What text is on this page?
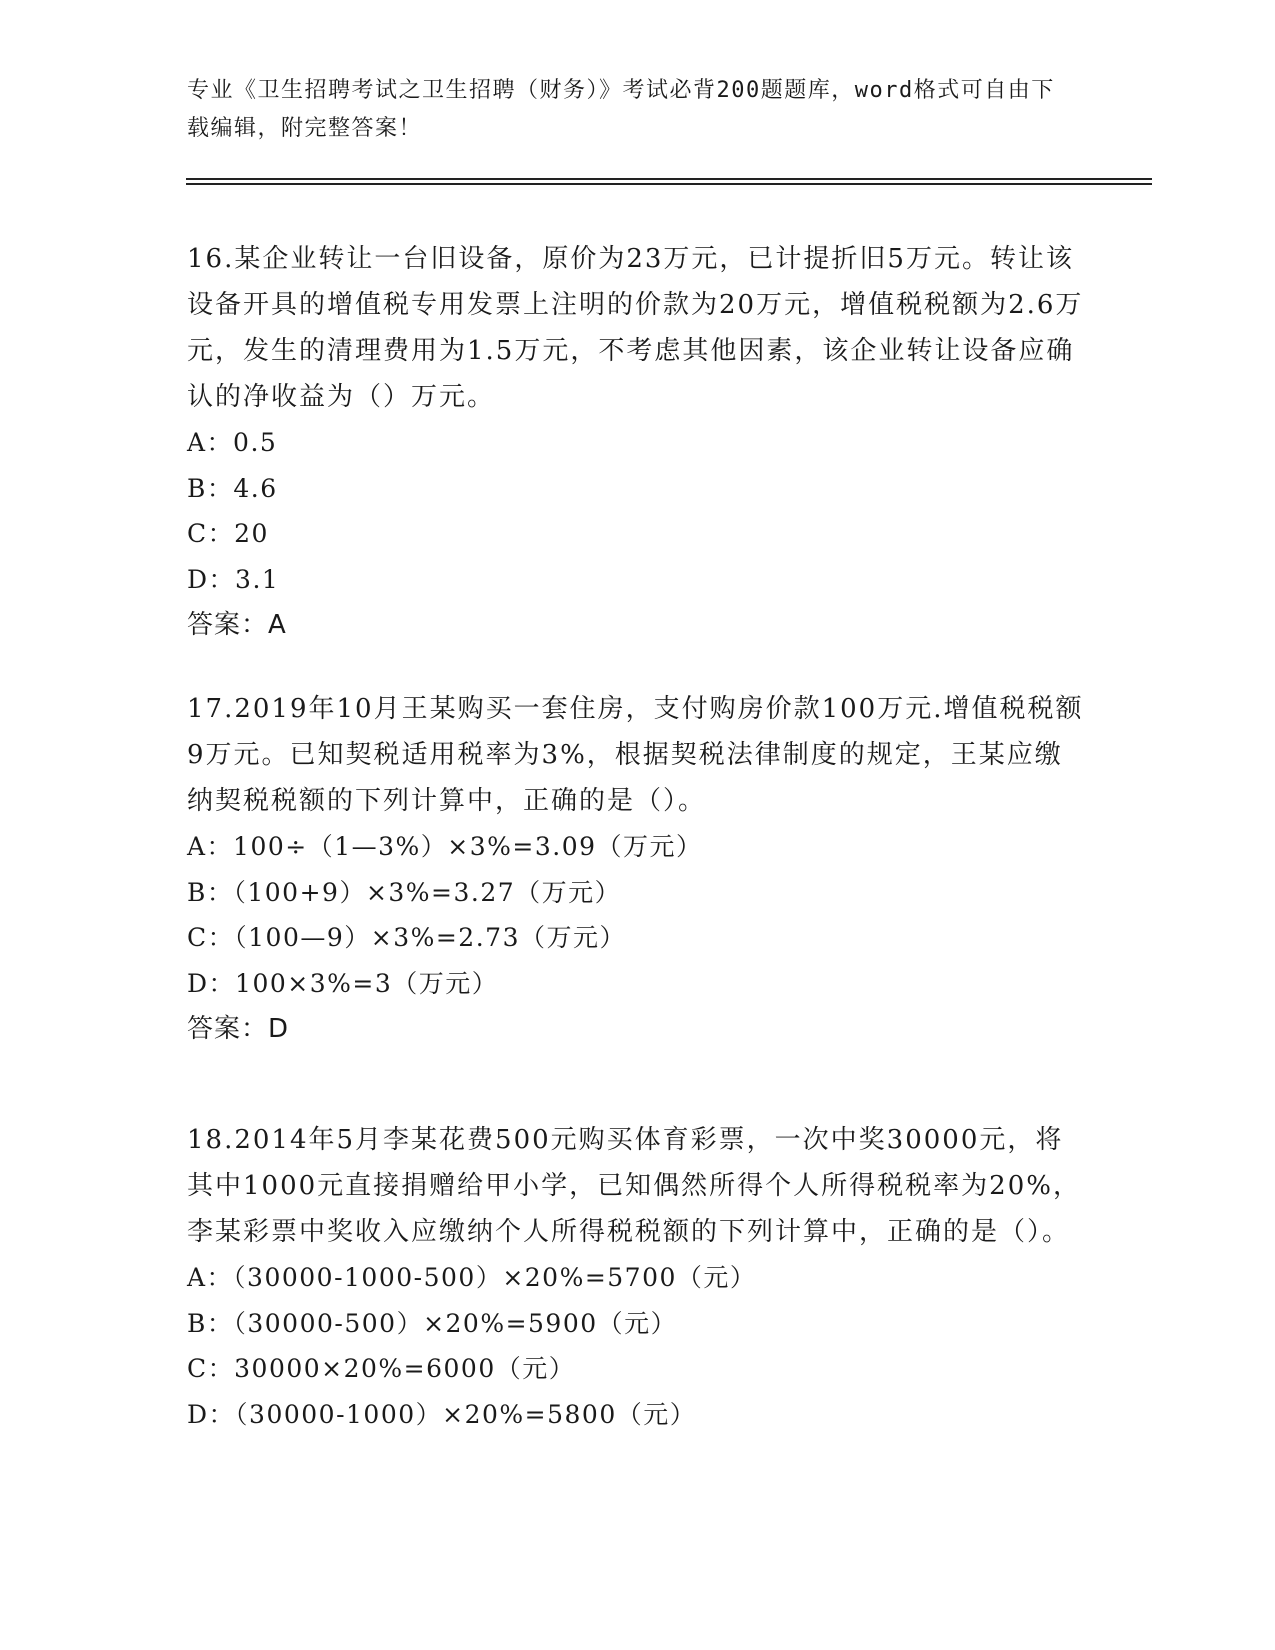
专业《卫生招聘考试之卫生招聘（财务）》考试必背200题题库，word格式可自由下载编辑，附完整答案！

16.某企业转让一台旧设备，原价为23万元，已计提折旧5万元。转让该设备开具的增值税专用发票上注明的价款为20万元，增值税税额为2.6万元，发生的清理费用为1.5万元，不考虑其他因素，该企业转让设备应确认的净收益为（）万元。

A：0.5

B：4.6

C：20

D：3.1

答案：A

17.2019年10月王某购买一套住房，支付购房价款100万元.增值税税额9万元。已知契税适用税率为3%，根据契税法律制度的规定，王某应缴纳契税税额的下列计算中，正确的是（）。

A：100÷（1—3%）×3%=3.09（万元）

B：（100+9）×3%=3.27（万元）

C：（100—9）×3%=2.73（万元）

D：100×3%=3（万元）

答案：D

18.2014年5月李某花费500元购买体育彩票，一次中奖30000元，将其中1000元直接捐赠给甲小学，已知偶然所得个人所得税税率为20%，李某彩票中奖收入应缴纳个人所得税税额的下列计算中，正确的是（）。

A：（30000-1000-500）×20%=5700（元）

B：（30000-500）×20%=5900（元）

C：30000×20%=6000（元）

D：（30000-1000）×20%=5800（元）
